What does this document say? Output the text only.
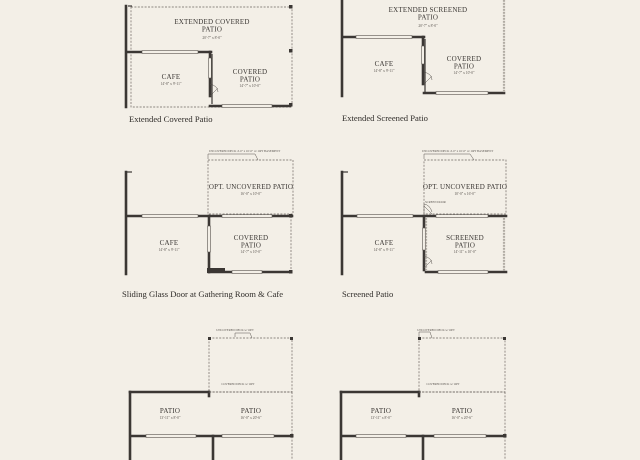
EXTENDED COVERED PATIO
20'-7" x 8'-0"
CAFE
14'-8" x 9'-11"
COVERED PATIO
14'-7" x 10'-0"
Extended Covered Patio
EXTENDED SCREENED PATIO
20'-7" x 8'-0"
CAFE
14'-8" x 9'-11"
COVERED PATIO
14'-7" x 10'-0"
Extended Screened Patio
UNCOVERED DECK 4'-0" x 16'-0" w/ OPT BASEMENT
OPT. UNCOVERED PATIO
16'-0" x 10'-0"
CAFE
14'-8" x 9'-11"
COVERED PATIO
14'-7" x 10'-0"
Sliding Glass Door at Gathering Room & Cafe
UNCOVERED DECK 4'-0" x 16'-0" w/ OPT BASEMENT
SCREEN DOOR
OPT. UNCOVERED PATIO
10'-0" x 16'-0"
CAFE
14'-8" x 9'-11"
SCREENED PATIO
14'-11" x 10'-0"
Screened Patio
UNCOVERED DECK w/ OPT
COVERED DECK w/ OPT
PATIO
13'-11" x 8'-0"
PATIO
16'-0" x 20'-6"
UNCOVERED DECK w/ OPT
COVERED DECK w/ OPT
PATIO
13'-11" x 8'-0"
PATIO
16'-0" x 20'-6"
